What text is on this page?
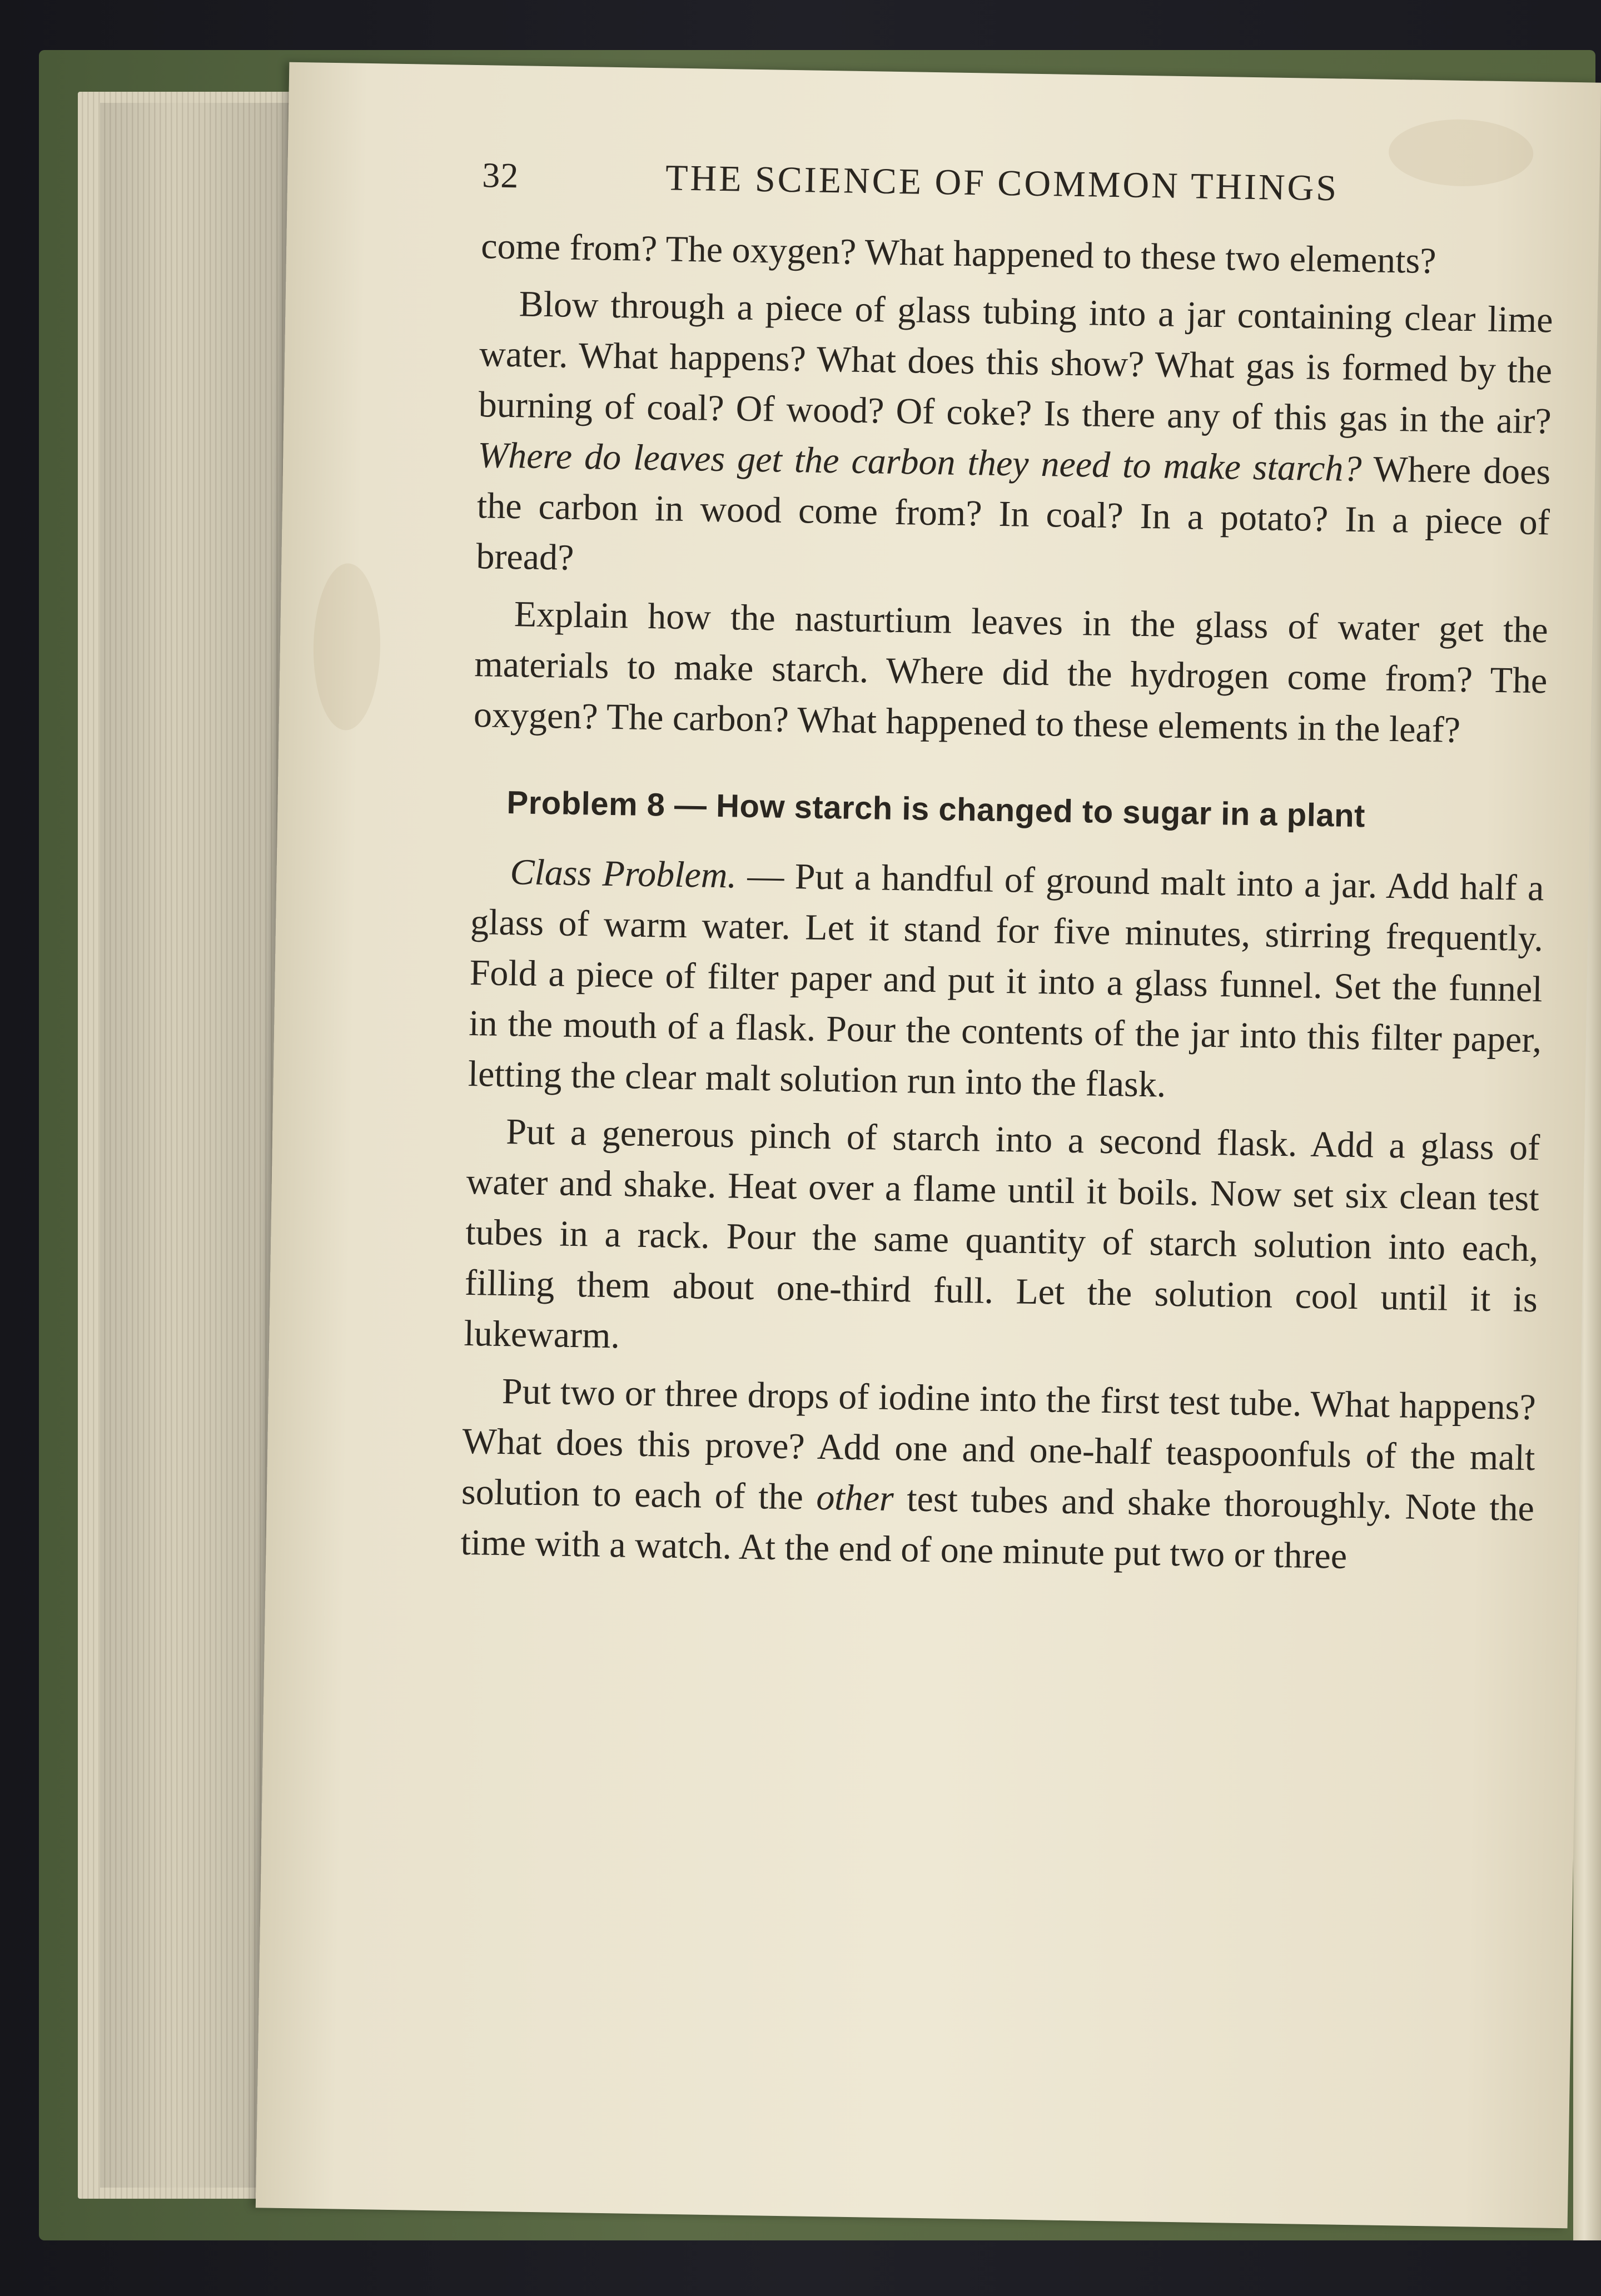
32	THE SCIENCE OF COMMON THINGS

come from? The oxygen? What happened to these two elements?

Blow through a piece of glass tubing into a jar containing clear lime water. What happens? What does this show? What gas is formed by the burning of coal? Of wood? Of coke? Is there any of this gas in the air? Where do leaves get the carbon they need to make starch? Where does the carbon in wood come from? In coal? In a potato? In a piece of bread?

Explain how the nasturtium leaves in the glass of water get the materials to make starch. Where did the hydrogen come from? The oxygen? The carbon? What happened to these elements in the leaf?

Problem 8 — How starch is changed to sugar in a plant

Class Problem. — Put a handful of ground malt into a jar. Add half a glass of warm water. Let it stand for five minutes, stirring frequently. Fold a piece of filter paper and put it into a glass funnel. Set the funnel in the mouth of a flask. Pour the contents of the jar into this filter paper, letting the clear malt solution run into the flask.

Put a generous pinch of starch into a second flask. Add a glass of water and shake. Heat over a flame until it boils. Now set six clean test tubes in a rack. Pour the same quantity of starch solution into each, filling them about one-third full. Let the solution cool until it is lukewarm.

Put two or three drops of iodine into the first test tube. What happens? What does this prove? Add one and one-half teaspoonfuls of the malt solution to each of the other test tubes and shake thoroughly. Note the time with a watch. At the end of one minute put two or three
